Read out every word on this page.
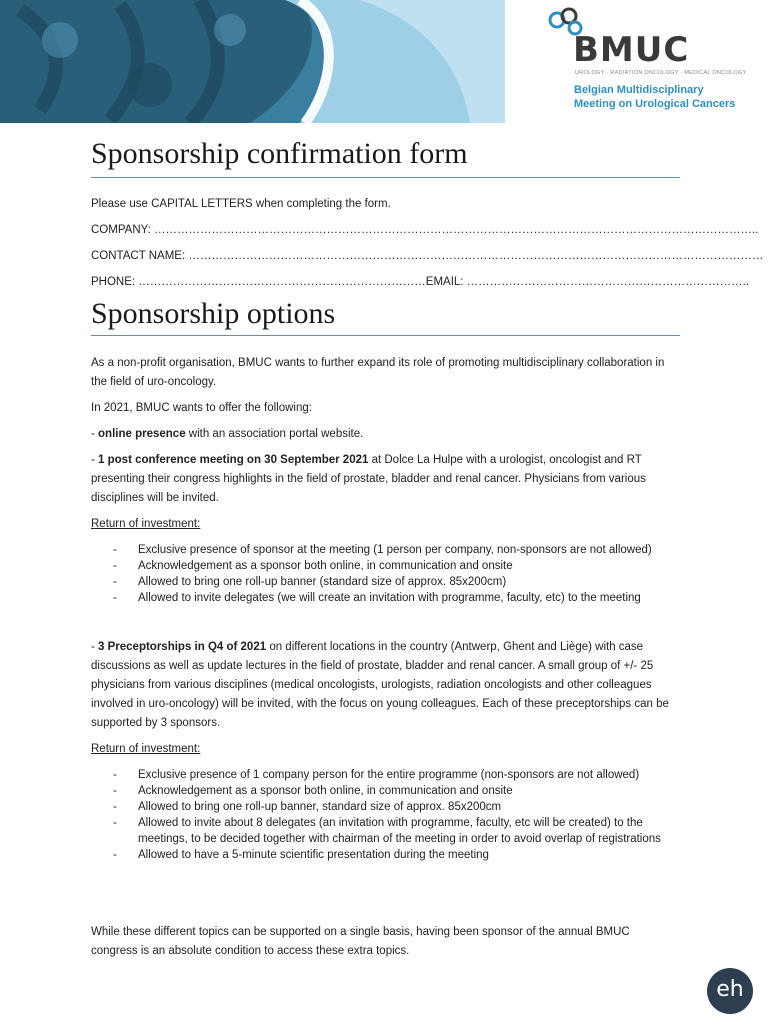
BMUC
UROLOGY · RADIATION ONCOLOGY · MEDICAL ONCOLOGY
Belgian Multidisciplinary
Meeting on Urological Cancers
Sponsorship confirmation form
Please use CAPITAL LETTERS when completing the form.
COMPANY: …………………………………………………………………………………………………………………………………………..
CONTACT NAME: ……………………………………………………………………………………………………………………………………
PHONE: …………………………………………………………………EMAIL: ………………………………………………………………..
Sponsorship options

As a non-profit organisation, BMUC wants to further expand its role of promoting multidisciplinary collaboration in the field of uro-oncology.

In 2021, BMUC wants to offer the following:

- online presence with an association portal website.

- 1 post conference meeting on 30 September 2021 at Dolce La Hulpe with a urologist, oncologist and RT presenting their congress highlights in the field of prostate, bladder and renal cancer. Physicians from various disciplines will be invited.

Return of investment:

- Exclusive presence of sponsor at the meeting (1 person per company, non-sponsors are not allowed)
- Acknowledgement as a sponsor both online, in communication and onsite
- Allowed to bring one roll-up banner (standard size of approx. 85x200cm)
- Allowed to invite delegates (we will create an invitation with programme, faculty, etc) to the meeting

- 3 Preceptorships in Q4 of 2021 on different locations in the country (Antwerp, Ghent and Liège) with case discussions as well as update lectures in the field of prostate, bladder and renal cancer. A small group of +/- 25 physicians from various disciplines (medical oncologists, urologists, radiation oncologists and other colleagues involved in uro-oncology) will be invited, with the focus on young colleagues. Each of these preceptorships can be supported by 3 sponsors.

Return of investment:

- Exclusive presence of 1 company person for the entire programme (non-sponsors are not allowed)
- Acknowledgement as a sponsor both online, in communication and onsite
- Allowed to bring one roll-up banner, standard size of approx. 85x200cm
- Allowed to invite about 8 delegates (an invitation with programme, faculty, etc will be created) to the meetings, to be decided together with chairman of the meeting in order to avoid overlap of registrations
- Allowed to have a 5-minute scientific presentation during the meeting

While these different topics can be supported on a single basis, having been sponsor of the annual BMUC congress is an absolute condition to access these extra topics.

eh
